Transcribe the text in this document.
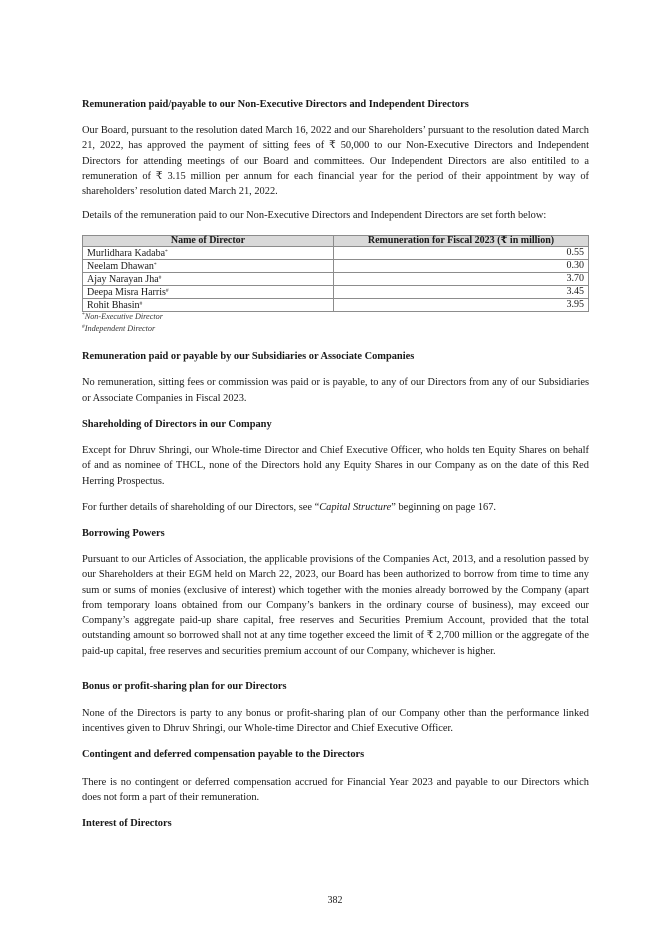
Remuneration paid/payable to our Non-Executive Directors and Independent Directors
Our Board, pursuant to the resolution dated March 16, 2022 and our Shareholders’ pursuant to the resolution dated March 21, 2022, has approved the payment of sitting fees of ₹ 50,000 to our Non-Executive Directors and Independent Directors for attending meetings of our Board and committees. Our Independent Directors are also entitiled to a remuneration of ₹ 3.15 million per annum for each financial year for the period of their appointment by way of shareholders’ resolution dated March 21, 2022.
Details of the remuneration paid to our Non-Executive Directors and Independent Directors are set forth below:
Name of Director	Remuneration for Fiscal 2023 (₹ in million)
Murlidhara Kadaba*	0.55
Neelam Dhawan*	0.30
Ajay Narayan Jha#	3.70
Deepa Misra Harris#	3.45
Rohit Bhasin#	3.95
*Non-Executive Director
#Independent Director
Remuneration paid or payable by our Subsidiaries or Associate Companies
No remuneration, sitting fees or commission was paid or is payable, to any of our Directors from any of our Subsidiaries or Associate Companies in Fiscal 2023.
Shareholding of Directors in our Company
Except for Dhruv Shringi, our Whole-time Director and Chief Executive Officer, who holds ten Equity Shares on behalf of and as nominee of THCL, none of the Directors hold any Equity Shares in our Company as on the date of this Red Herring Prospectus.
For further details of shareholding of our Directors, see “Capital Structure” beginning on page 167.
Borrowing Powers
Pursuant to our Articles of Association, the applicable provisions of the Companies Act, 2013, and a resolution passed by our Shareholders at their EGM held on March 22, 2023, our Board has been authorized to borrow from time to time any sum or sums of monies (exclusive of interest) which together with the monies already borrowed by the Company (apart from temporary loans obtained from our Company’s bankers in the ordinary course of business), may exceed our Company’s aggregate paid-up share capital, free reserves and Securities Premium Account, provided that the total outstanding amount so borrowed shall not at any time together exceed the limit of ₹ 2,700 million or the aggregate of the paid-up capital, free reserves and securities premium account of our Company, whichever is higher.
Bonus or profit-sharing plan for our Directors
None of the Directors is party to any bonus or profit-sharing plan of our Company other than the performance linked incentives given to Dhruv Shringi, our Whole-time Director and Chief Executive Officer.
Contingent and deferred compensation payable to the Directors
There is no contingent or deferred compensation accrued for Financial Year 2023 and payable to our Directors which does not form a part of their remuneration.
Interest of Directors
382
